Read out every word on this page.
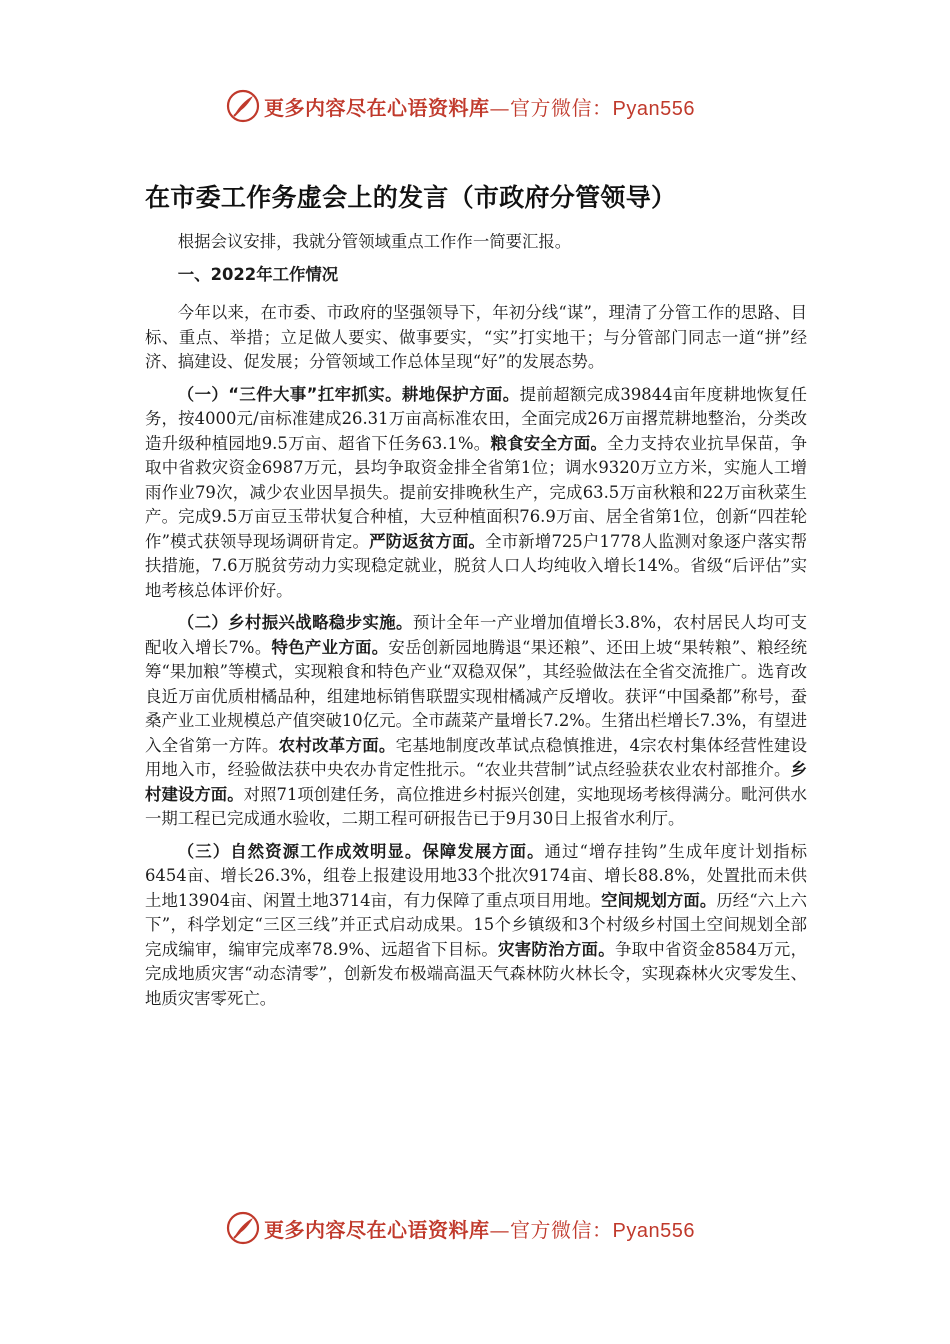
更多内容尽在心语资料库—官方微信：Pyan556
在市委工作务虚会上的发言（市政府分管领导）

根据会议安排，我就分管领域重点工作作一简要汇报。

一、2022年工作情况

今年以来，在市委、市政府的坚强领导下，年初分线“谋”，理清了分管工作的思路、目标、重点、举措；立足做人要实、做事要实，“实”打实地干；与分管部门同志一道“拼”经济、搞建设、促发展；分管领域工作总体呈现“好”的发展态势。

（一）“三件大事”扛牢抓实。耕地保护方面。提前超额完成39844亩年度耕地恢复任务，按4000元/亩标准建成26.31万亩高标准农田，全面完成26万亩撂荒耕地整治，分类改造升级种植园地9.5万亩、超省下任务63.1%。粮食安全方面。全力支持农业抗旱保苗，争取中省救灾资金6987万元，县均争取资金排全省第1位；调水9320万立方米，实施人工增雨作业79次，减少农业因旱损失。提前安排晚秋生产，完成63.5万亩秋粮和22万亩秋菜生产。完成9.5万亩豆玉带状复合种植，大豆种植面积76.9万亩、居全省第1位，创新“四茬轮作”模式获领导现场调研肯定。严防返贫方面。全市新增725户1778人监测对象逐户落实帮扶措施，7.6万脱贫劳动力实现稳定就业，脱贫人口人均纯收入增长14%。省级“后评估”实地考核总体评价好。

（二）乡村振兴战略稳步实施。预计全年一产业增加值增长3.8%，农村居民人均可支配收入增长7%。特色产业方面。安岳创新园地腾退“果还粮”、还田上坡“果转粮”、粮经统筹“果加粮”等模式，实现粮食和特色产业“双稳双保”，其经验做法在全省交流推广。选育改良近万亩优质柑橘品种，组建地标销售联盟实现柑橘减产反增收。获评“中国桑都”称号，蚕桑产业工业规模总产值突破10亿元。全市蔬菜产量增长7.2%。生猪出栏增长7.3%，有望进入全省第一方阵。农村改革方面。宅基地制度改革试点稳慎推进，4宗农村集体经营性建设用地入市，经验做法获中央农办肯定性批示。“农业共营制”试点经验获农业农村部推介。乡村建设方面。对照71项创建任务，高位推进乡村振兴创建，实地现场考核得满分。毗河供水一期工程已完成通水验收，二期工程可研报告已于9月30日上报省水利厅。

（三）自然资源工作成效明显。保障发展方面。通过“增存挂钩”生成年度计划指标6454亩、增长26.3%，组卷上报建设用地33个批次9174亩、增长88.8%，处置批而未供土地13904亩、闲置土地3714亩，有力保障了重点项目用地。空间规划方面。历经“六上六下”，科学划定“三区三线”并正式启动成果。15个乡镇级和3个村级乡村国土空间规划全部完成编审，编审完成率78.9%、远超省下目标。灾害防治方面。争取中省资金8584万元，完成地质灾害“动态清零”，创新发布极端高温天气森林防火林长令，实现森林火灾零发生、地质灾害零死亡。

更多内容尽在心语资料库—官方微信：Pyan556
